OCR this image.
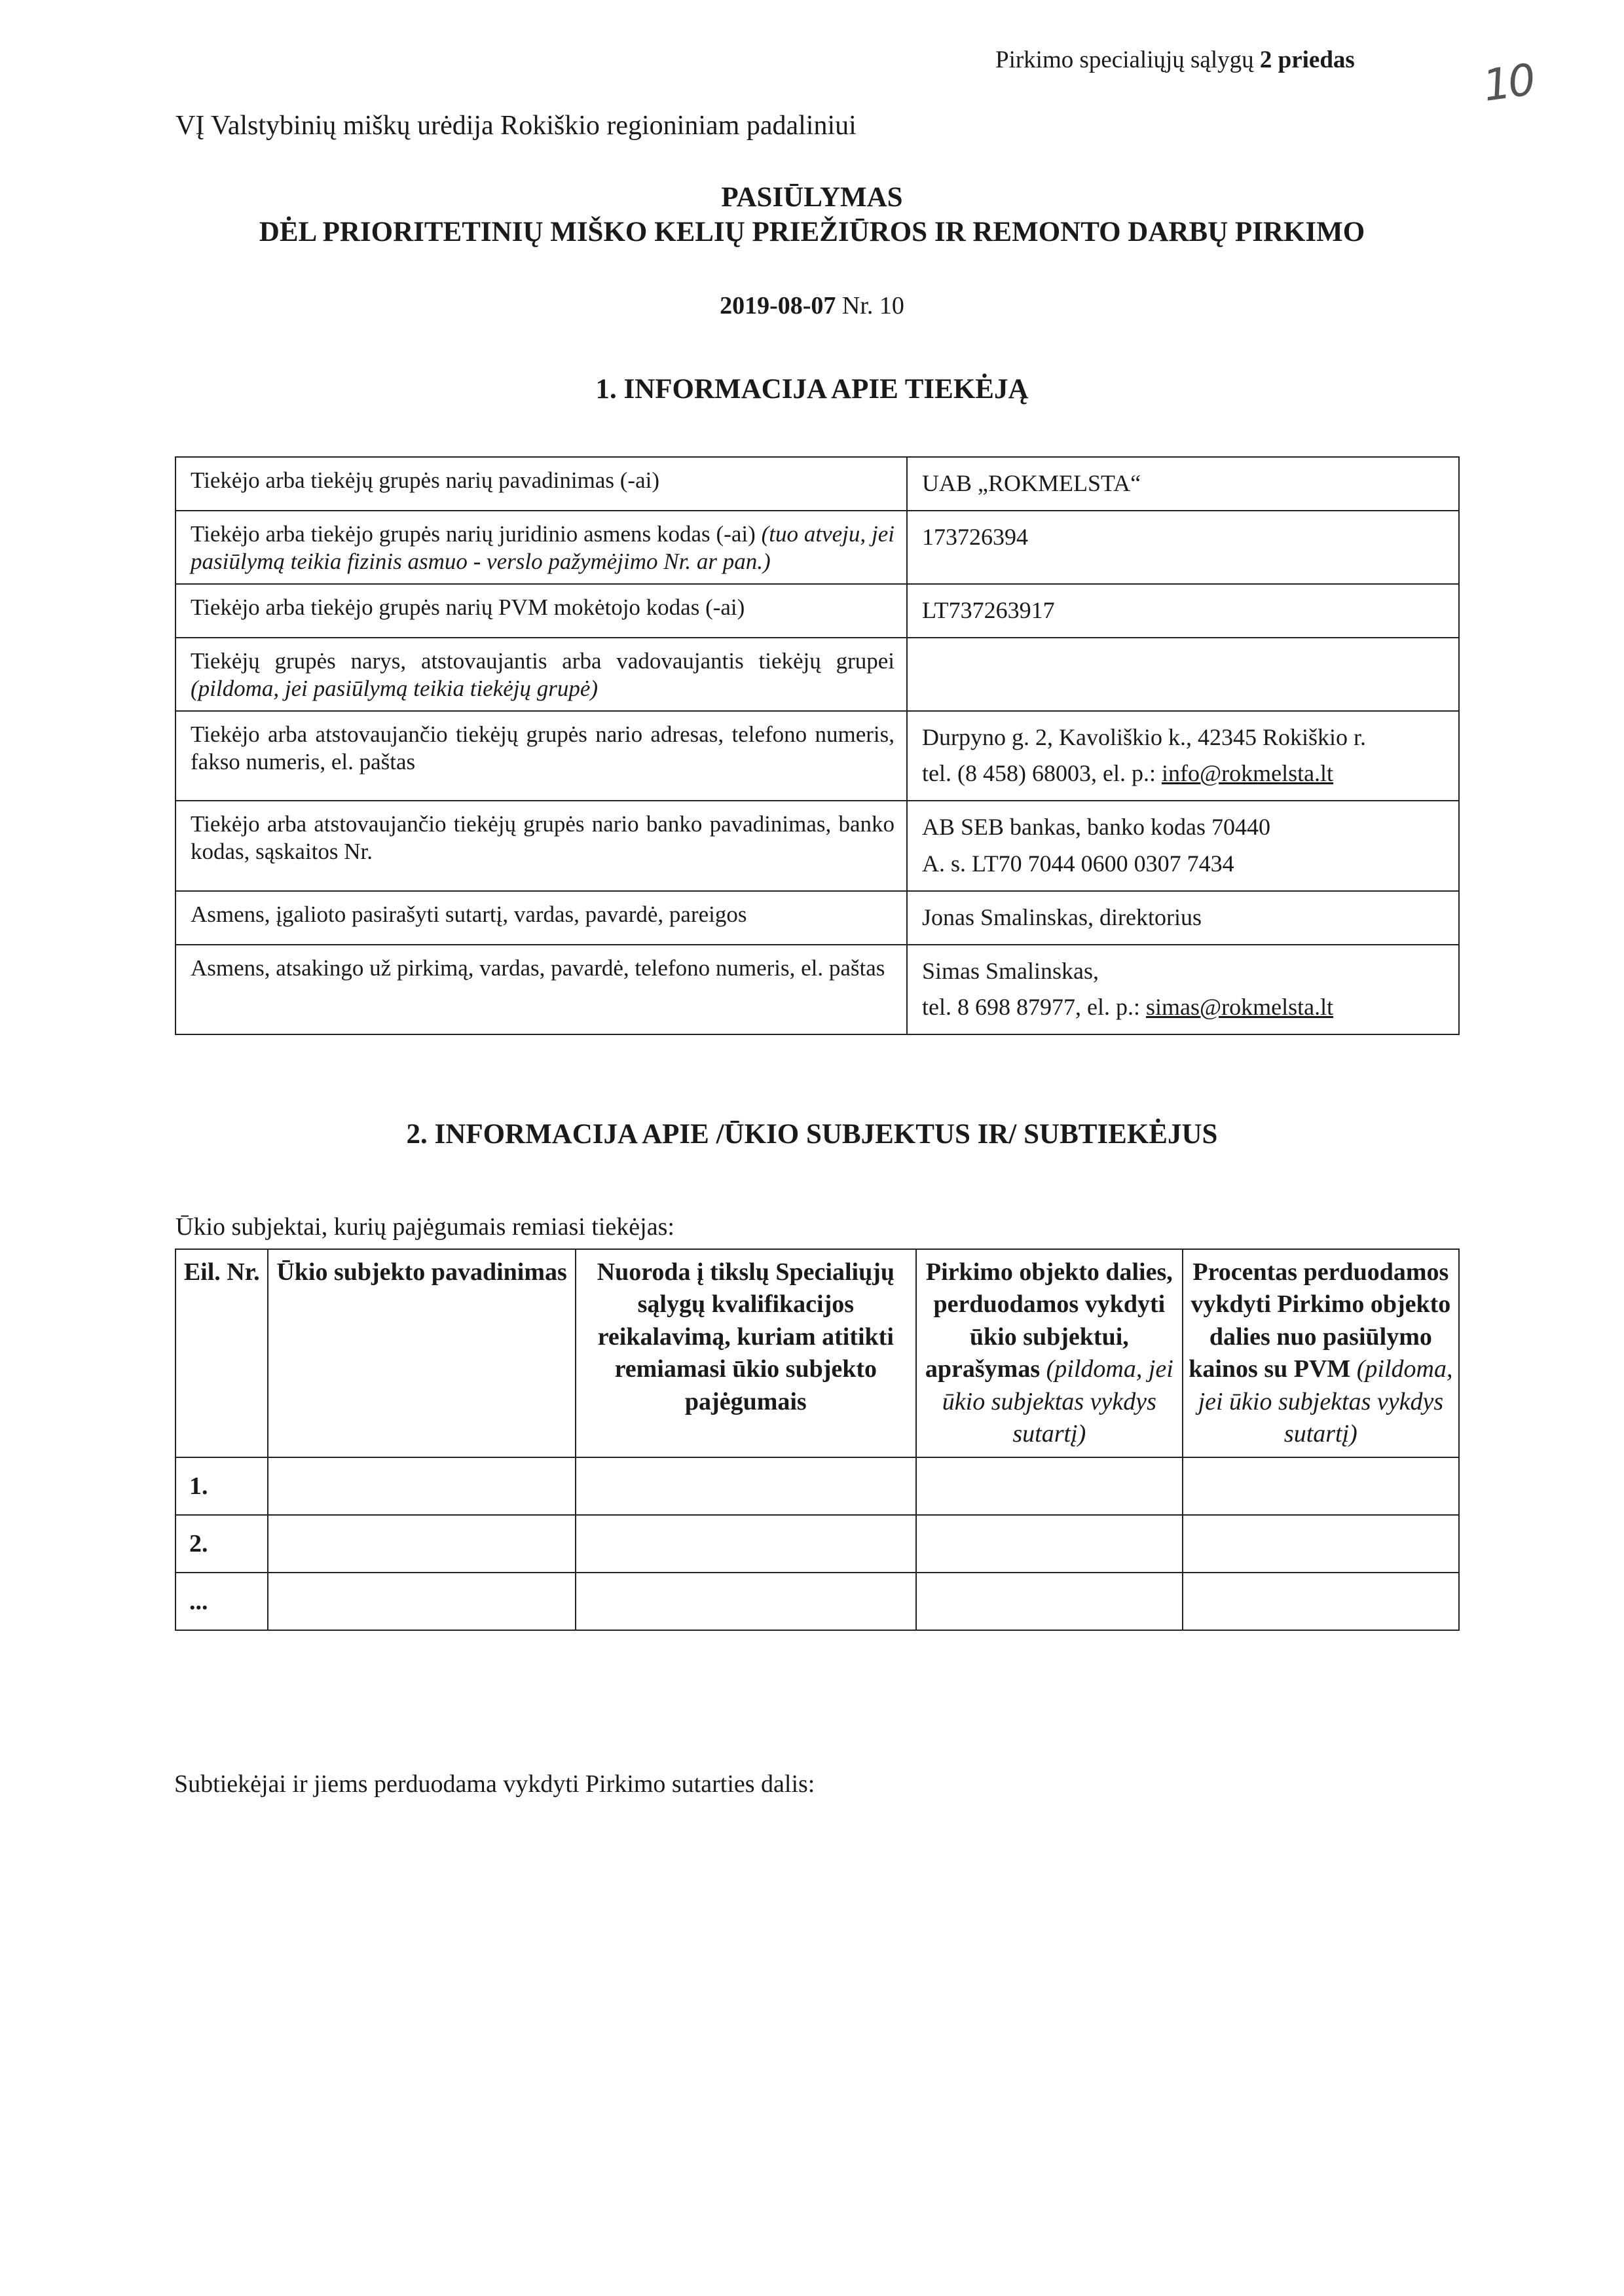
Pirkimo specialiųjų sąlygų 2 priedas	10
VĮ Valstybinių miškų urėdija Rokiškio regioniniam padaliniui
PASIŪLYMAS
DĖL PRIORITETINIŲ MIŠKO KELIŲ PRIEŽIŪROS IR REMONTO DARBŲ PIRKIMO
2019-08-07 Nr. 10
1. INFORMACIJA APIE TIEKĖJĄ
Tiekėjo arba tiekėjų grupės narių pavadinimas (-ai)	UAB „ROKMELSTA“

Tiekėjo arba tiekėjo grupės narių juridinio asmens kodas (-ai) (tuo atveju, jei pasiūlymą teikia fizinis asmuo - verslo pažymėjimo Nr. ar pan.)	173726394

Tiekėjo arba tiekėjo grupės narių PVM mokėtojo kodas (-ai)	LT737263917

Tiekėjų grupės narys, atstovaujantis arba vadovaujantis tiekėjų grupei (pildoma, jei pasiūlymą teikia tiekėjų grupė)	

Tiekėjo arba atstovaujančio tiekėjų grupės nario adresas, telefono numeris, fakso numeris, el. paštas	Durpyno g. 2, Kavoliškio k., 42345 Rokiškio r.
tel. (8 458) 68003, el. p.: info@rokmelsta.lt

Tiekėjo arba atstovaujančio tiekėjų grupės nario banko pavadinimas, banko kodas, sąskaitos Nr.	AB SEB bankas, banko kodas 70440
A. s. LT70 7044 0600 0307 7434

Asmens, įgalioto pasirašyti sutartį, vardas, pavardė, pareigos	Jonas Smalinskas, direktorius

Asmens, atsakingo už pirkimą, vardas, pavardė, telefono numeris, el. paštas	Simas Smalinskas,
tel. 8 698 87977, el. p.: simas@rokmelsta.lt
2. INFORMACIJA APIE /ŪKIO SUBJEKTUS IR/ SUBTIEKĖJUS
Ūkio subjektai, kurių pajėgumais remiasi tiekėjas:
Eil. Nr.	Ūkio subjekto pavadinimas	Nuoroda į tikslų Specialiųjų sąlygų kvalifikacijos reikalavimą, kuriam atitikti remiamasi ūkio subjekto pajėgumais	Pirkimo objekto dalies, perduodamos vykdyti ūkio subjektui, aprašymas (pildoma, jei ūkio subjektas vykdys sutartį)	Procentas perduodamos vykdyti Pirkimo objekto dalies nuo pasiūlymo kainos su PVM (pildoma, jei ūkio subjektas vykdys sutartį)
1.				
2.				
...				
Subtiekėjai ir jiems perduodama vykdyti Pirkimo sutarties dalis:
